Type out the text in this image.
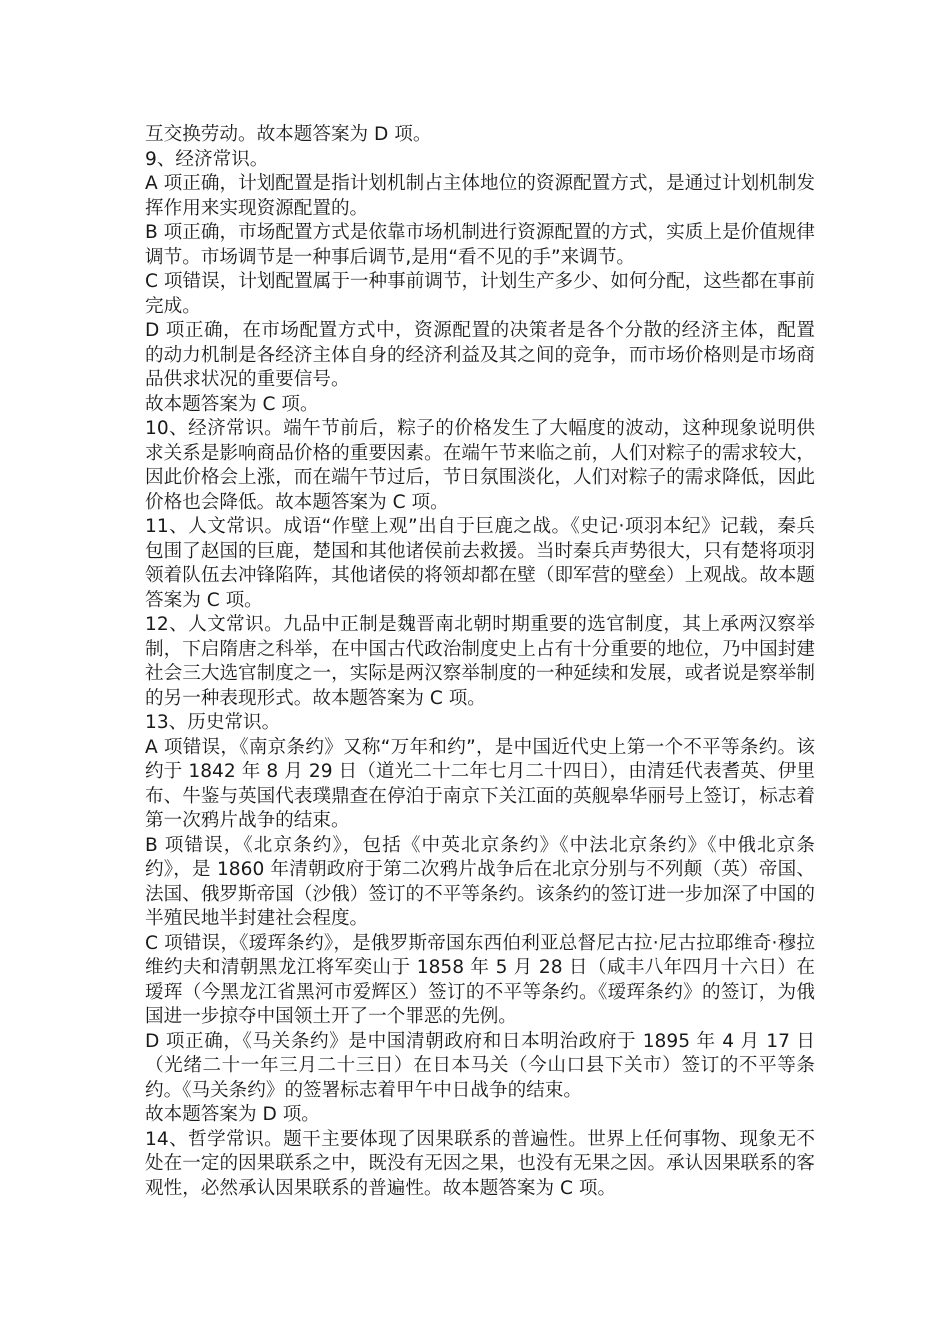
互交换劳动。故本题答案为 D 项。

9、经济常识。

A 项正确，计划配置是指计划机制占主体地位的资源配置方式，是通过计划机制发挥作用来实现资源配置的。

B 项正确，市场配置方式是依靠市场机制进行资源配置的方式，实质上是价值规律调节。市场调节是一种事后调节,是用“看不见的手”来调节。

C 项错误，计划配置属于一种事前调节，计划生产多少、如何分配，这些都在事前完成。

D 项正确，在市场配置方式中，资源配置的决策者是各个分散的经济主体，配置的动力机制是各经济主体自身的经济利益及其之间的竞争，而市场价格则是市场商品供求状况的重要信号。

故本题答案为 C 项。

10、经济常识。端午节前后，粽子的价格发生了大幅度的波动，这种现象说明供求关系是影响商品价格的重要因素。在端午节来临之前，人们对粽子的需求较大，因此价格会上涨，而在端午节过后，节日氛围淡化，人们对粽子的需求降低，因此价格也会降低。故本题答案为 C 项。

11、人文常识。成语“作壁上观”出自于巨鹿之战。《史记·项羽本纪》记载，秦兵包围了赵国的巨鹿，楚国和其他诸侯前去救援。当时秦兵声势很大，只有楚将项羽领着队伍去冲锋陷阵，其他诸侯的将领却都在壁（即军营的壁垒）上观战。故本题答案为 C 项。

12、人文常识。九品中正制是魏晋南北朝时期重要的选官制度，其上承两汉察举制，下启隋唐之科举，在中国古代政治制度史上占有十分重要的地位，乃中国封建社会三大选官制度之一，实际是两汉察举制度的一种延续和发展，或者说是察举制的另一种表现形式。故本题答案为 C 项。

13、历史常识。

A 项错误，《南京条约》又称“万年和约”，是中国近代史上第一个不平等条约。该约于 1842 年 8 月 29 日（道光二十二年七月二十四日），由清廷代表耆英、伊里布、牛鉴与英国代表璞鼎查在停泊于南京下关江面的英舰皋华丽号上签订，标志着第一次鸦片战争的结束。

B 项错误，《北京条约》，包括《中英北京条约》《中法北京条约》《中俄北京条约》，是 1860 年清朝政府于第二次鸦片战争后在北京分别与不列颠（英）帝国、法国、俄罗斯帝国（沙俄）签订的不平等条约。该条约的签订进一步加深了中国的半殖民地半封建社会程度。

C 项错误，《瑷珲条约》，是俄罗斯帝国东西伯利亚总督尼古拉·尼古拉耶维奇·穆拉维约夫和清朝黑龙江将军奕山于 1858 年 5 月 28 日（咸丰八年四月十六日）在瑷珲（今黑龙江省黑河市爱辉区）签订的不平等条约。《瑷珲条约》的签订，为俄国进一步掠夺中国领土开了一个罪恶的先例。

D 项正确，《马关条约》是中国清朝政府和日本明治政府于 1895 年 4 月 17 日（光绪二十一年三月二十三日）在日本马关（今山口县下关市）签订的不平等条约。《马关条约》的签署标志着甲午中日战争的结束。

故本题答案为 D 项。

14、哲学常识。题干主要体现了因果联系的普遍性。世界上任何事物、现象无不处在一定的因果联系之中，既没有无因之果，也没有无果之因。承认因果联系的客观性，必然承认因果联系的普遍性。故本题答案为 C 项。
